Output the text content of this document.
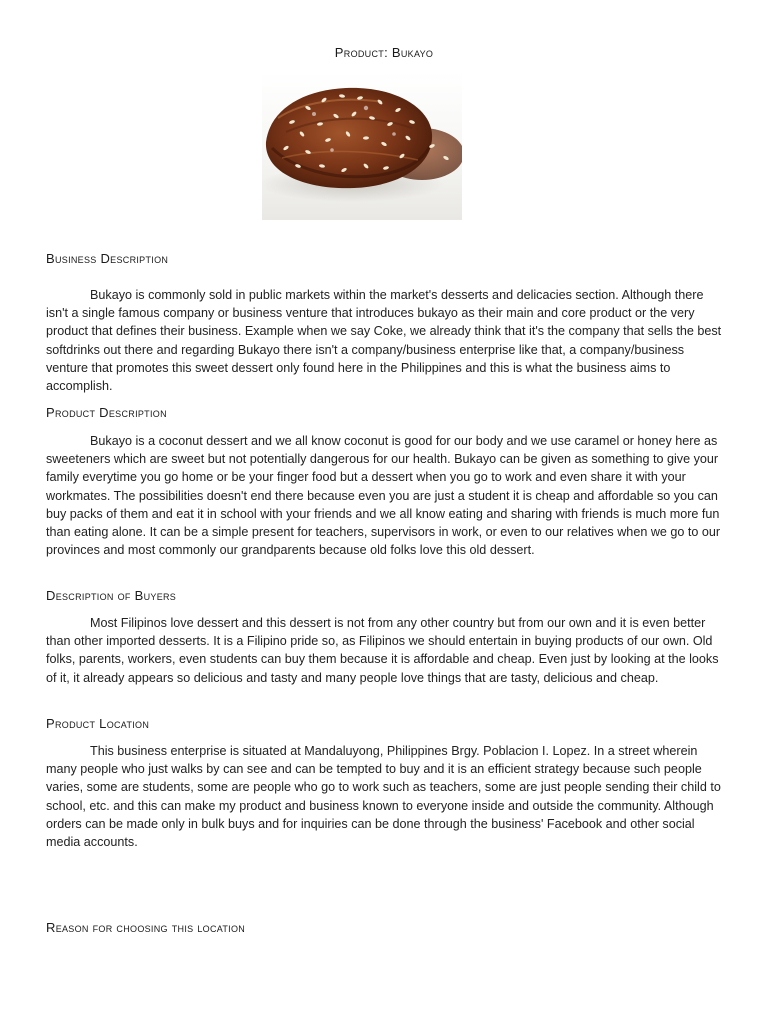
Product: Bukayo
Business Description

Bukayo is commonly sold in public markets within the market's desserts and delicacies section. Although there isn't a single famous company or business venture that introduces bukayo as their main and core product or the very product that defines their business. Example when we say Coke, we already think that it's the company that sells the best softdrinks out there and regarding Bukayo there isn't a company/business enterprise like that, a company/business venture that promotes this sweet dessert only found here in the Philippines and this is what the business aims to accomplish.

Product Description

Bukayo is a coconut dessert and we all know coconut is good for our body and we use caramel or honey here as sweeteners which are sweet but not potentially dangerous for our health. Bukayo can be given as something to give your family everytime you go home or be your finger food but a dessert when you go to work and even share it with your workmates. The possibilities doesn't end there because even you are just a student it is cheap and affordable so you can buy packs of them and eat it in school with your friends and we all know eating and sharing with friends is much more fun than eating alone. It can be a simple present for teachers, supervisors in work, or even to our relatives when we go to our provinces and most commonly our grandparents because old folks love this old dessert.

Description of Buyers

Most Filipinos love dessert and this dessert is not from any other country but from our own and it is even better than other imported desserts. It is a Filipino pride so, as Filipinos we should entertain in buying products of our own. Old folks, parents, workers, even students can buy them because it is affordable and cheap. Even just by looking at the looks of it, it already appears so delicious and tasty and many people love things that are tasty, delicious and cheap.

Product Location

This business enterprise is situated at Mandaluyong, Philippines Brgy. Poblacion I. Lopez. In a street wherein many people who just walks by can see and can be tempted to buy and it is an efficient strategy because such people varies, some are students, some are people who go to work such as teachers, some are just people sending their child to school, etc. and this can make my product and business known to everyone inside and outside the community. Although orders can be made only in bulk buys and for inquiries can be done through the business' Facebook and other social media accounts.

Reason for choosing this location
